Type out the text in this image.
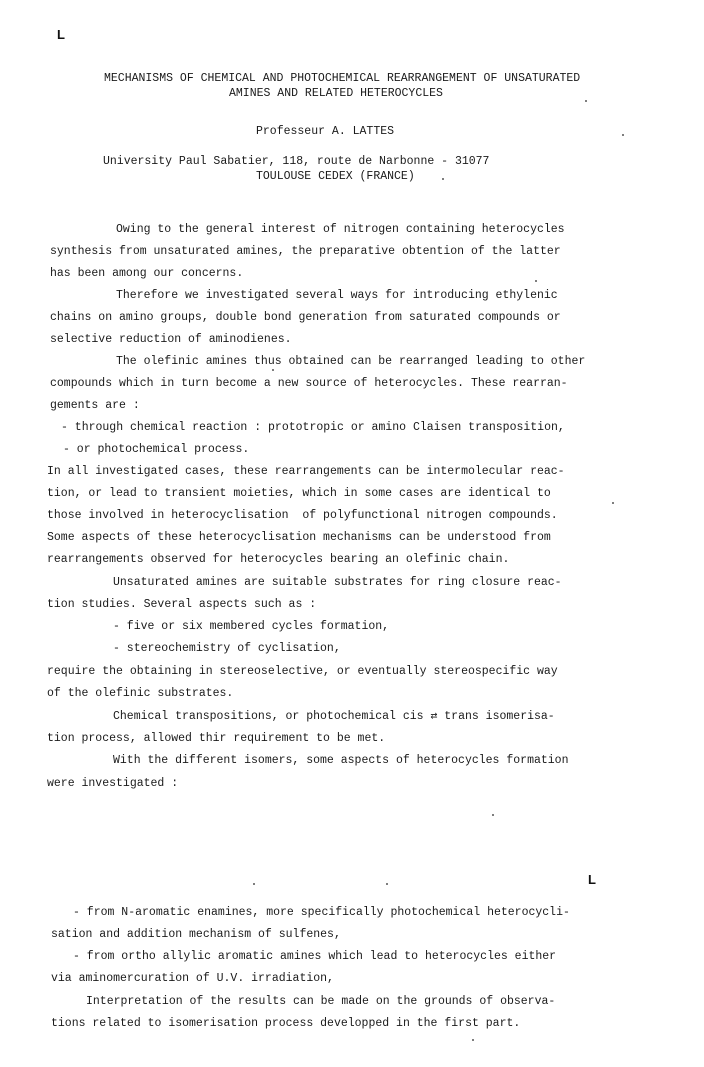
L
L
MECHANISMS OF CHEMICAL AND PHOTOCHEMICAL REARRANGEMENT OF UNSATURATED
AMINES AND RELATED HETEROCYCLES
Professeur A. LATTES
University Paul Sabatier, 118, route de Narbonne - 31077
TOULOUSE CEDEX (FRANCE)
Owing to the general interest of nitrogen containing heterocycles
synthesis from unsaturated amines, the preparative obtention of the latter
has been among our concerns.
Therefore we investigated several ways for introducing ethylenic
chains on amino groups, double bond generation from saturated compounds or
selective reduction of aminodienes.
The olefinic amines thus obtained can be rearranged leading to other
compounds which in turn become a new source of heterocycles. These rearran-
gements are :
- through chemical reaction : prototropic or amino Claisen transposition,
- or photochemical process.
In all investigated cases, these rearrangements can be intermolecular reac-
tion, or lead to transient moieties, which in some cases are identical to
those involved in heterocyclisation  of polyfunctional nitrogen compounds.
Some aspects of these heterocyclisation mechanisms can be understood from
rearrangements observed for heterocycles bearing an olefinic chain.
Unsaturated amines are suitable substrates for ring closure reac-
tion studies. Several aspects such as :
- five or six membered cycles formation,
- stereochemistry of cyclisation,
require the obtaining in stereoselective, or eventually stereospecific way
of the olefinic substrates.
Chemical transpositions, or photochemical cis ⇄ trans isomerisa-
tion process, allowed thir requirement to be met.
With the different isomers, some aspects of heterocycles formation
were investigated :
- from N-aromatic enamines, more specifically photochemical heterocycli-
sation and addition mechanism of sulfenes,
- from ortho allylic aromatic amines which lead to heterocycles either
via aminomercuration of U.V. irradiation,
Interpretation of the results can be made on the grounds of observa-
tions related to isomerisation process developped in the first part.
